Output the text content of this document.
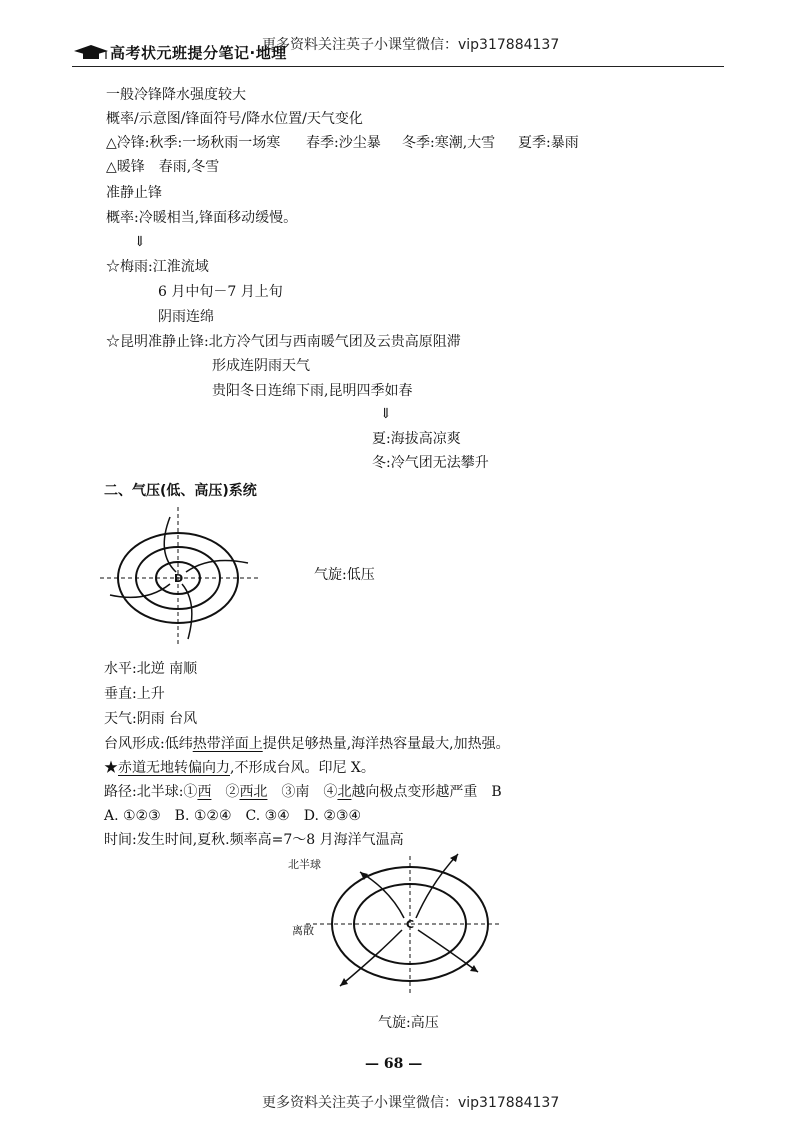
更多资料关注英子小课堂微信：vip317884137
高考状元班提分笔记·地理
一般冷锋降水强度较大
概率/示意图/锋面符号/降水位置/天气变化
△冷锋:秋季:一场秋雨一场寒 春季:沙尘暴 冬季:寒潮,大雪 夏季:暴雨
△暖锋　春雨,冬雪
准静止锋
概率:冷暖相当,锋面移动缓慢。
⇓
☆梅雨:江淮流域
6 月中旬－7 月上旬
阴雨连绵
☆昆明准静止锋:北方冷气团与西南暖气团及云贵高原阻滞
形成连阴雨天气
贵阳冬日连绵下雨,昆明四季如春
⇓
夏:海拔高凉爽
冬:冷气团无法攀升
二、气压(低、高压)系统
D	气旋:低压
水平:北逆 南顺
垂直:上升
天气:阴雨 台风
台风形成:低纬热带洋面上提供足够热量,海洋热容量最大,加热强。
★赤道无地转偏向力,不形成台风。印尼 X。
路径:北半球:①西　②西北　③南　④北越向极点变形越严重　B
A. ①②③　B. ①②④　C. ③④　D. ②③④
时间:发生时间,夏秋.频率高=7～8 月海洋气温高
北半球
C
离散
气旋:高压
— 68 —
更多资料关注英子小课堂微信：vip317884137
